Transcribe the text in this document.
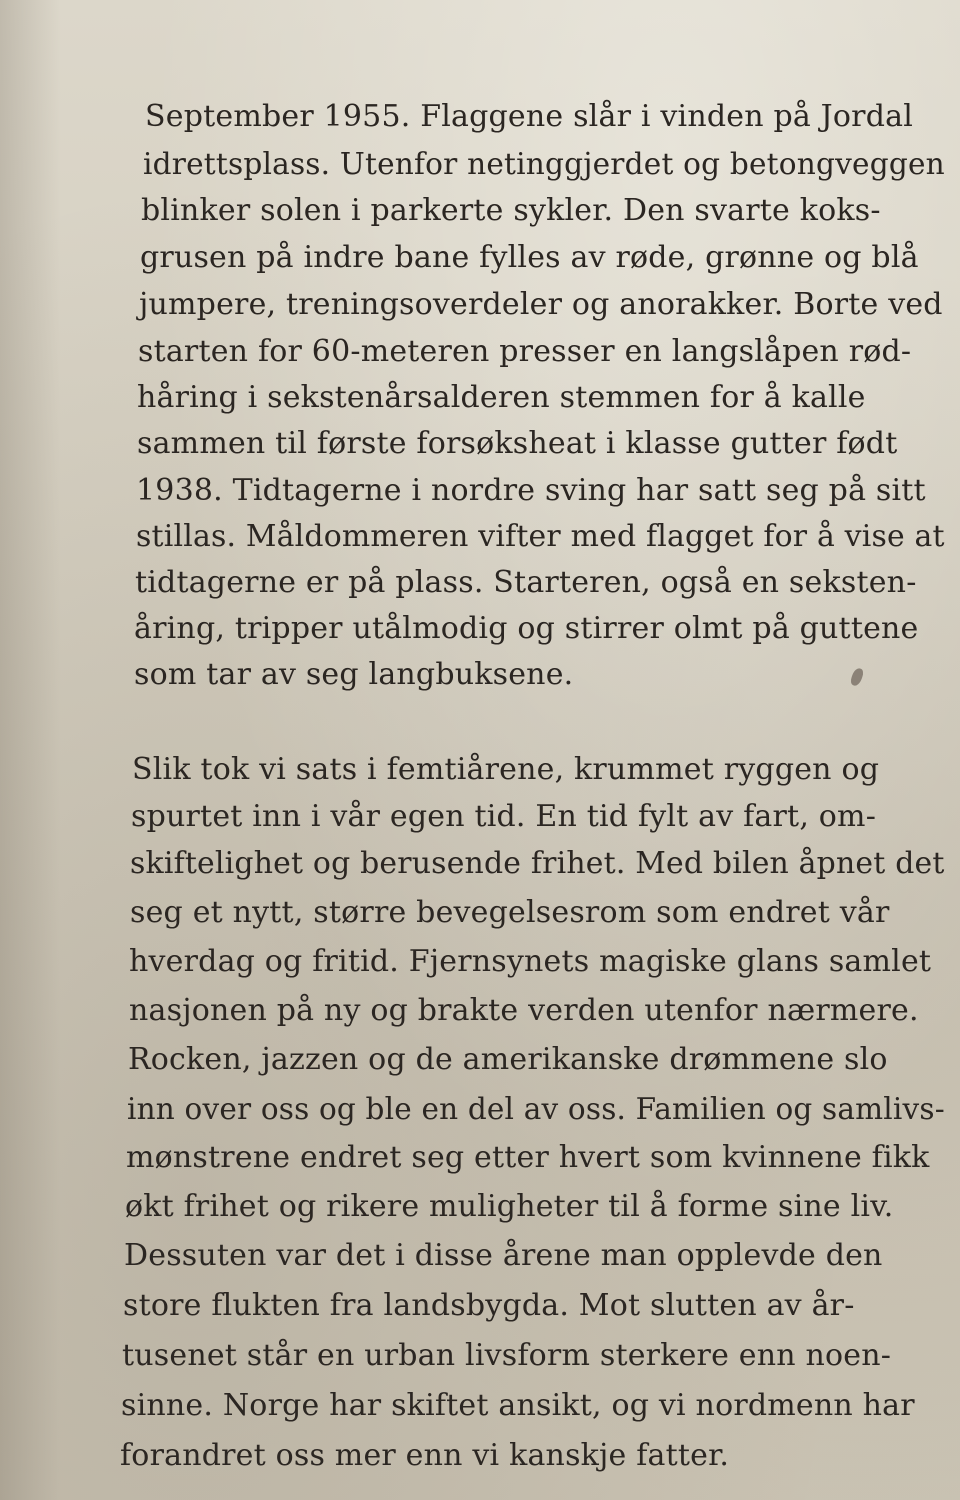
September 1955. Flaggene slår i vinden på Jordal
idrettsplass. Utenfor netinggjerdet og betongveggen
blinker solen i parkerte sykler. Den svarte koks-
grusen på indre bane fylles av røde, grønne og blå
jumpere, treningsoverdeler og anorakker. Borte ved
starten for 60-meteren presser en langslåpen rød-
håring i sekstenårsalderen stemmen for å kalle
sammen til første forsøksheat i klasse gutter født
1938. Tidtagerne i nordre sving har satt seg på sitt
stillas. Måldommeren vifter med flagget for å vise at
tidtagerne er på plass. Starteren, også en seksten-
åring, tripper utålmodig og stirrer olmt på guttene
som tar av seg langbuksene.
Slik tok vi sats i femtiårene, krummet ryggen og
spurtet inn i vår egen tid. En tid fylt av fart, om-
skiftelighet og berusende frihet. Med bilen åpnet det
seg et nytt, større bevegelsesrom som endret vår
hverdag og fritid. Fjernsynets magiske glans samlet
nasjonen på ny og brakte verden utenfor nærmere.
Rocken, jazzen og de amerikanske drømmene slo
inn over oss og ble en del av oss. Familien og samlivs-
mønstrene endret seg etter hvert som kvinnene fikk
økt frihet og rikere muligheter til å forme sine liv.
Dessuten var det i disse årene man opplevde den
store flukten fra landsbygda. Mot slutten av år-
tusenet står en urban livsform sterkere enn noen-
sinne. Norge har skiftet ansikt, og vi nordmenn har
forandret oss mer enn vi kanskje fatter.
